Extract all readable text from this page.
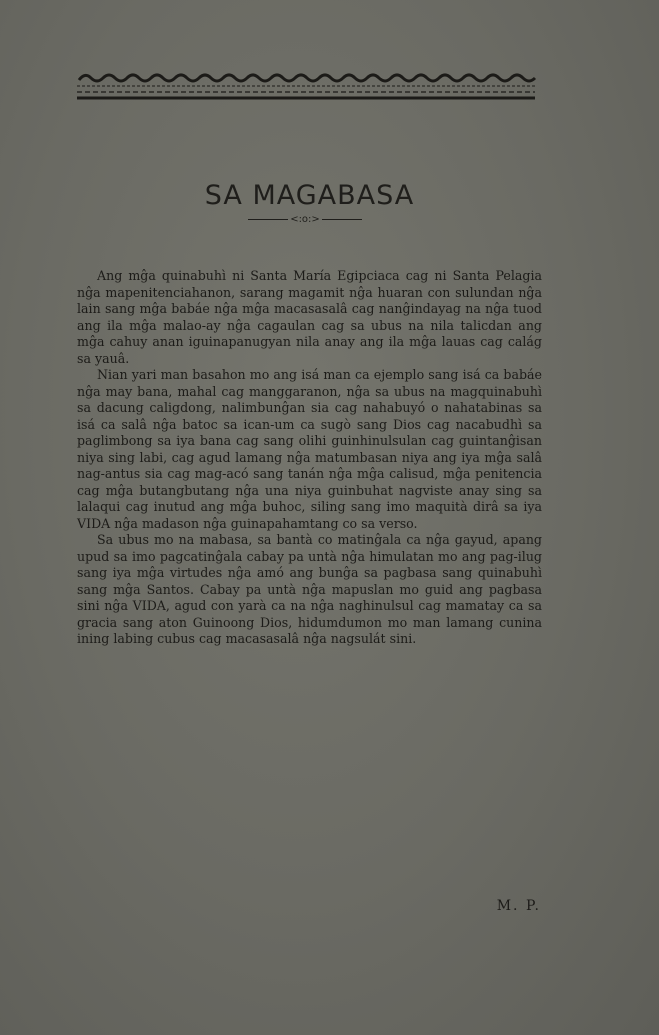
SA MAGABASA
<:o:>

Ang mĝa quinabuhì ni Santa María Egipciaca cag ni Santa Pelagia nĝa mapenitenciahanon, sarang magamit nĝa huaran con sulundan nĝa lain sang mĝa babáe nĝa mĝa macasasalâ cag nanĝindayag na nĝa tuod ang ila mĝa malao-ay nĝa cagaulan cag sa ubus na nila talicdan ang mĝa cahuy anan iguinapanugyan nila anay ang ila mĝa lauas cag calág sa yauâ.

Nian yari man basahon mo ang isá man ca ejemplo sang isá ca babáe nĝa may bana, mahal cag manggaranon, nĝa sa ubus na magquinabuhì sa dacung caligdong, nalimbunĝan sia cag nahabuyó o nahatabinas sa isá ca salâ nĝa batoc sa ican-um ca sugò sang Dios cag nacabudhì sa paglimbong sa iya bana cag sang olihi guinhinulsulan cag guintanĝisan niya sing labi, cag agud lamang nĝa matumbasan niya ang iya mĝa salâ nag-antus sia cag mag-acó sang tanán nĝa mĝa calisud, mĝa penitencia cag mĝa butangbutang nĝa una niya guinbuhat nagviste anay sing sa lalaqui cag inutud ang mĝa buhoc, siling sang imo maquità dirâ sa iya VIDA nĝa madason nĝa guinapahamtang co sa verso.

Sa ubus mo na mabasa, sa bantà co matinĝala ca nĝa gayud, apang upud sa imo pagcatinĝala cabay pa untà nĝa himulatan mo ang pag-ilug sang iya mĝa virtudes nĝa amó ang bunĝa sa pagbasa sang quinabuhì sang mĝa Santos. Cabay pa untà nĝa mapuslan mo guid ang pagbasa sini nĝa VIDA, agud con yarà ca na nĝa naghinulsul cag mamatay ca sa gracia sang aton Guinoong Dios, hidumdumon mo man lamang cunina ining labing cubus cag macasasalâ nĝa nagsulát sini.

M. P.
